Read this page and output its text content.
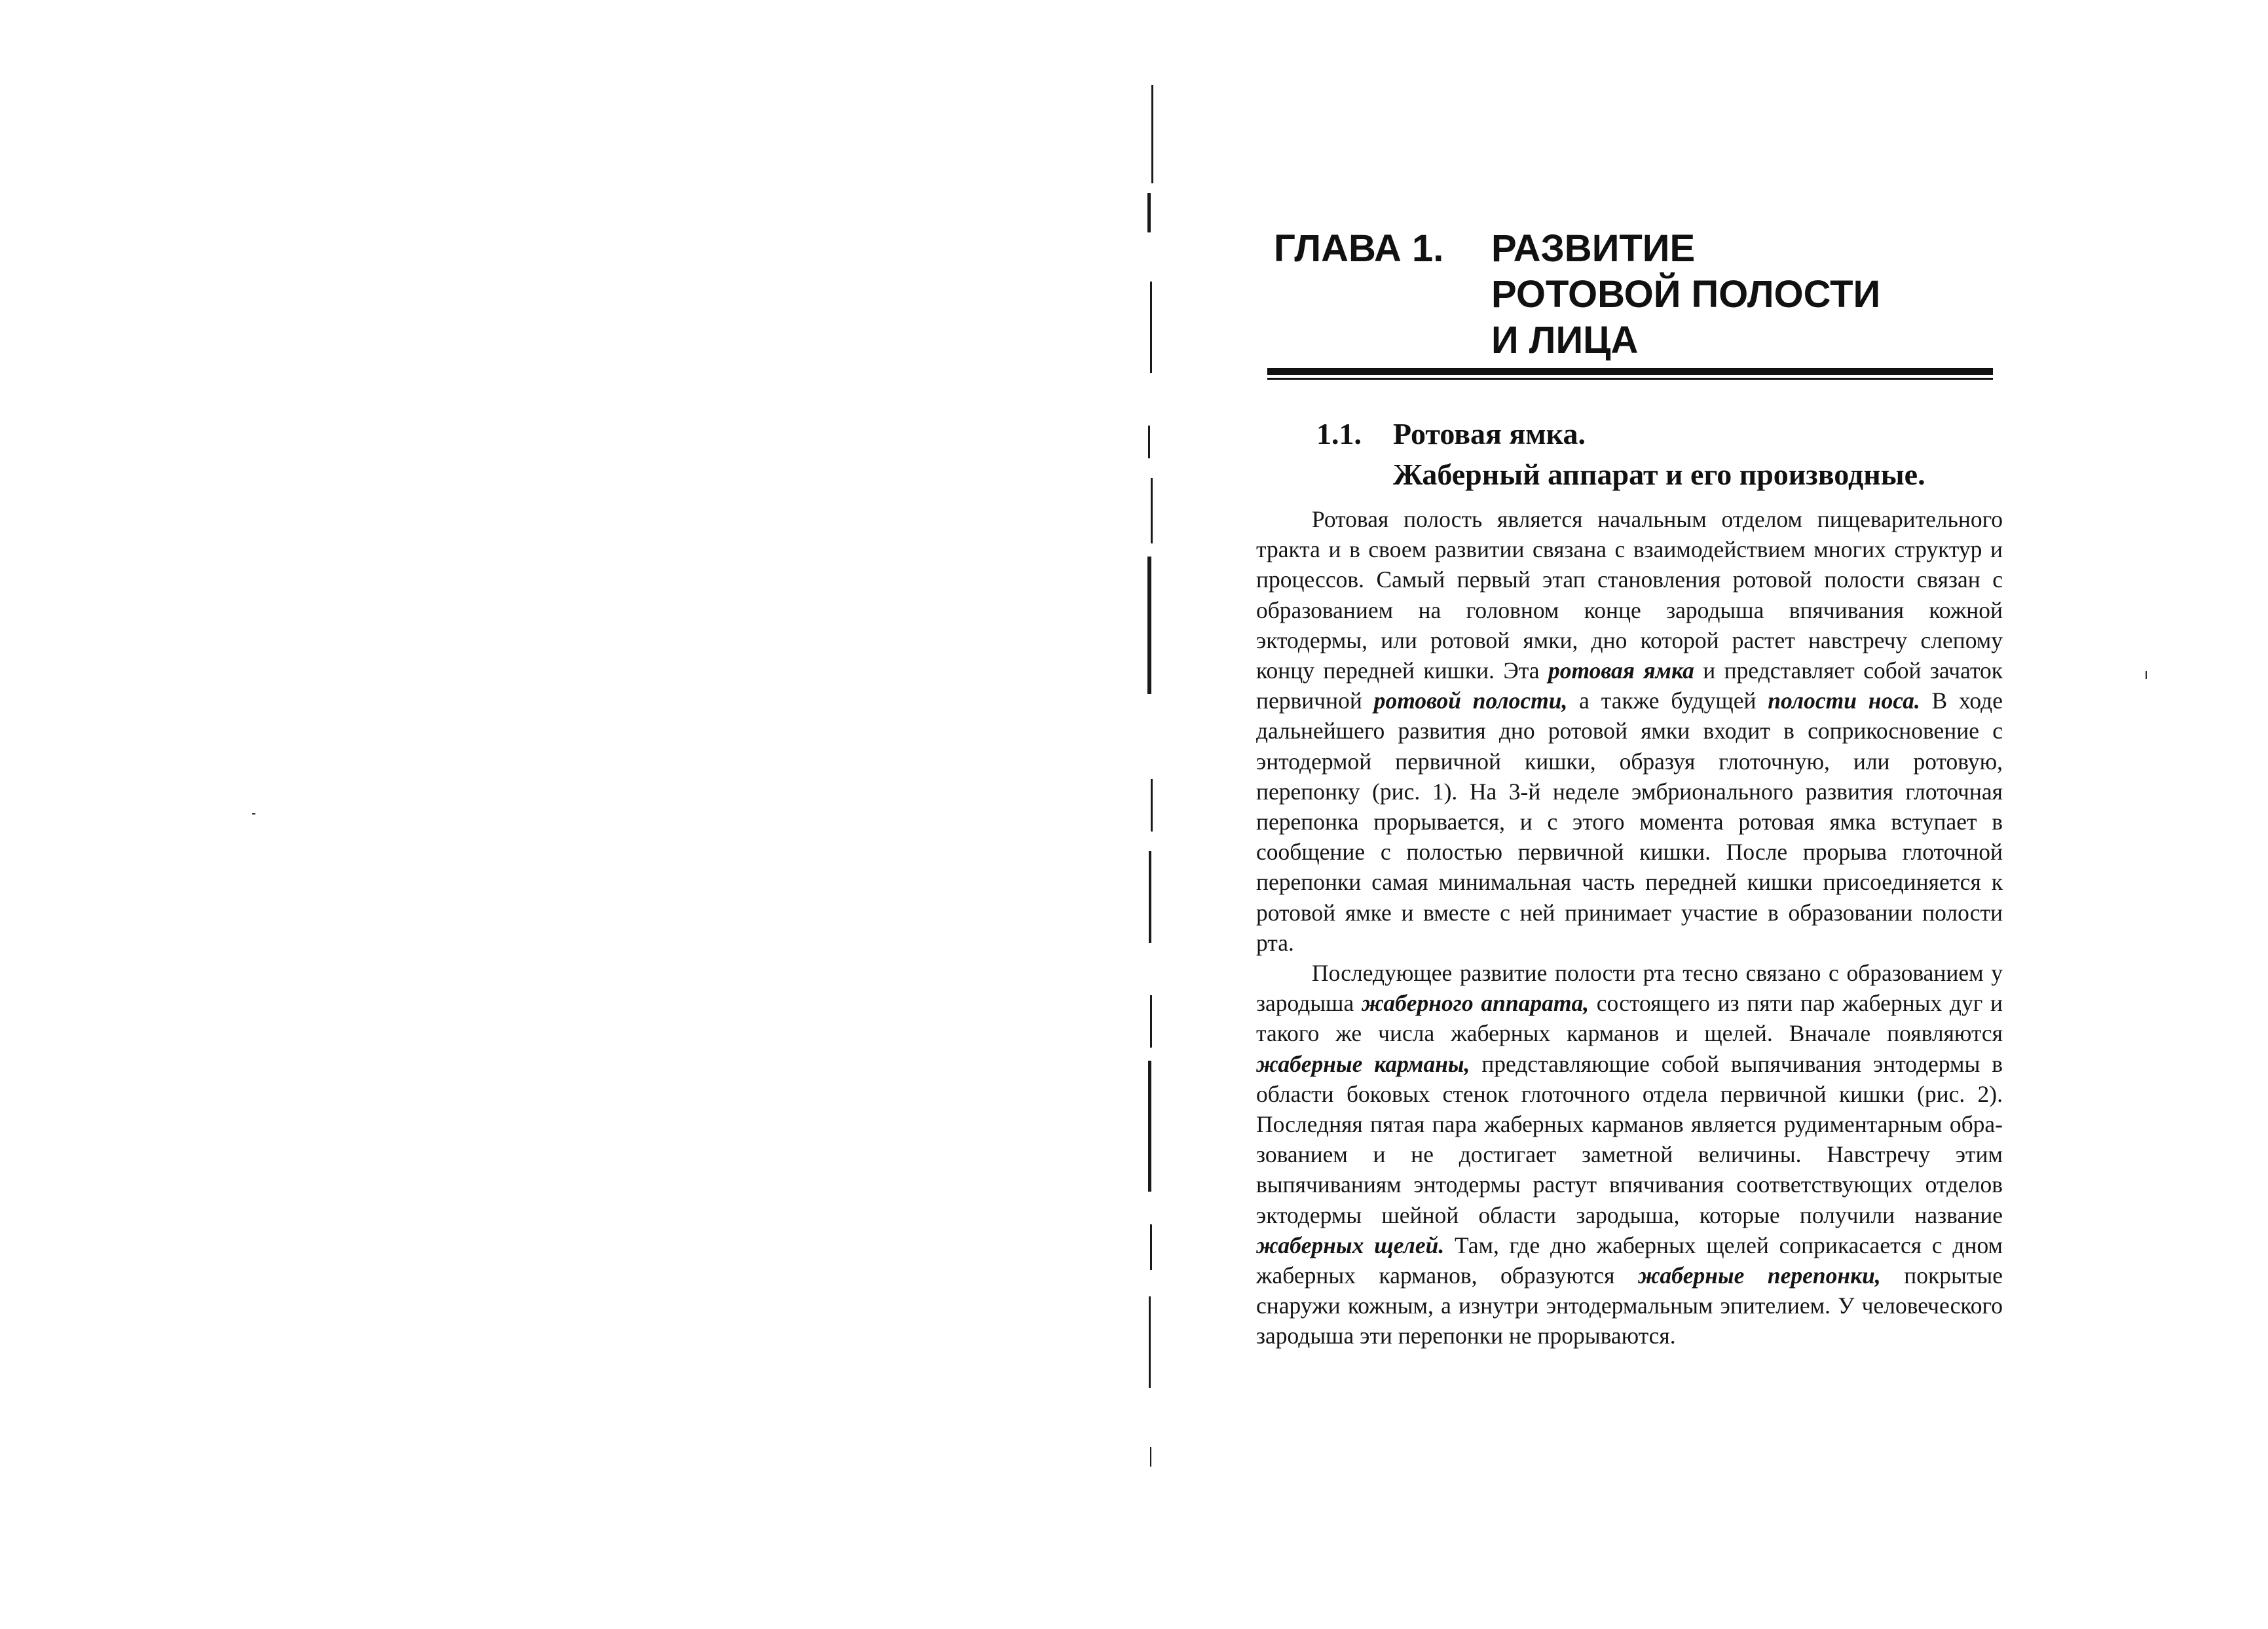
ГЛАВА 1. РАЗВИТИЕ
РОТОВОЙ ПОЛОСТИ
И ЛИЦА
1.1. Ротовая ямка.
Жаберный аппарат и его производные.

Ротовая полость является начальным отделом пищеварительного тракта и в своем развитии связана с взаимодействием многих структур и процессов. Самый первый этап становления ротовой полости связан с образованием на головном конце зародыша впячивания кожной эктодермы, или ротовой ямки, дно которой растет навстречу слепому концу передней кишки. Эта ротовая ямка и представляет собой зачаток первичной ротовой полости, а также будущей полости носа. В ходе дальнейшего развития дно ротовой ямки входит в соприкосновение с энтодермой первичной кишки, образуя глоточную, или ротовую, перепонку (рис. 1). На 3-й неделе эмбрионального развития глоточная перепонка прорывается, и с этого момента ротовая ямка вступает в сообщение с полостью первичной кишки. После прорыва глоточной перепонки самая минимальная часть передней кишки присоединяется к ротовой ямке и вместе с ней принимает участие в образовании полости рта.

Последующее развитие полости рта тесно связано с образованием у зародыша жаберного аппарата, состоящего из пяти пар жаберных дуг и такого же числа жаберных карманов и щелей. Вначале появляются жаберные карманы, представляющие собой выпячивания энтодермы в области боковых стенок глоточного отдела первичной кишки (рис. 2). Последняя пятая пара жаберных карманов является рудиментарным образованием и не достигает заметной величины. Навстречу этим выпячиваниям энтодермы растут впячивания соответствующих отделов эктодермы шейной области зародыша, которые получили название жаберных щелей. Там, где дно жаберных щелей соприкасается с дном жаберных карманов, образуются жаберные перепонки, покрытые снаружи кожным, а изнутри энтодермальным эпителием. У человеческого зародыша эти перепонки не прорываются.
